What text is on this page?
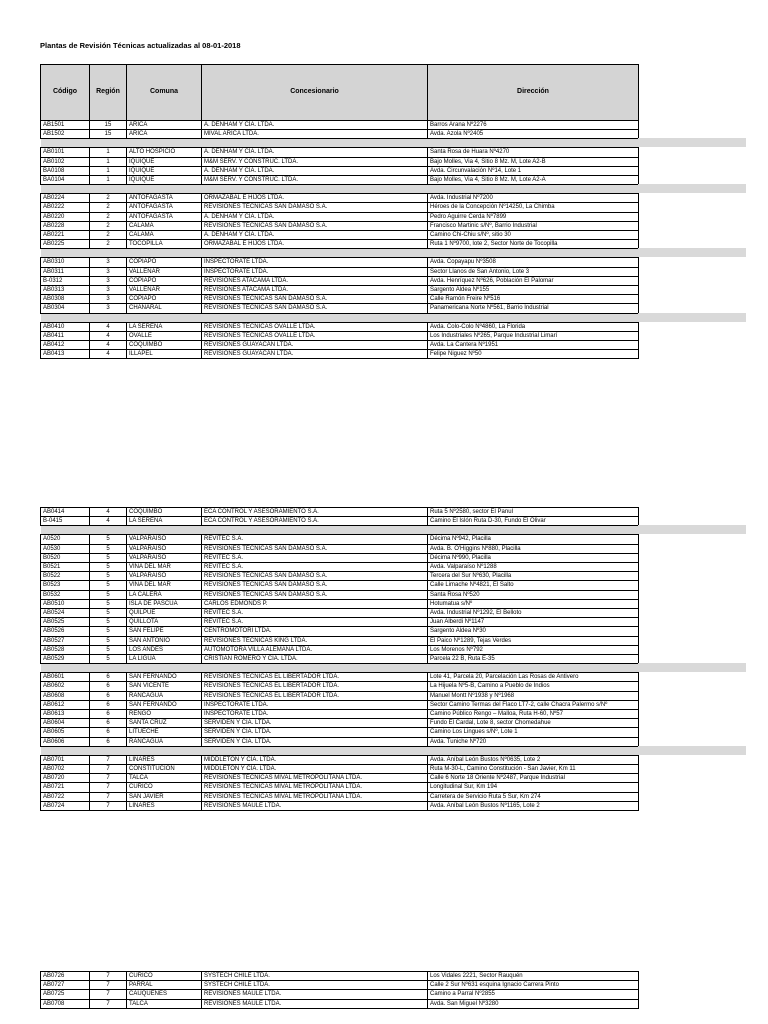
Plantas de Revisión Técnicas actualizadas al 08-01-2018
Código	Región	Comuna	Concesionario	Dirección
AB1501	15	ARICA	A. DENHAM Y CÍA. LTDA.	Barros Arana Nº2276
AB1502	15	ARICA	MIVAL ARICA LTDA.	Avda. Azola Nº2405

AB0101	1	ALTO HOSPICIO	A. DENHAM Y CÍA. LTDA.	Santa Rosa de Huara Nº4270
AB0102	1	IQUIQUE	M&M SERV. Y CONSTRUC. LTDA.	Bajo Molles, Via 4, Sitio 8 Mz. M, Lote A2-B
BA0108	1	IQUIQUE	A. DENHAM Y CÍA. LTDA.	Avda. Circunvalación Nº14, Lote 1
BA0104	1	IQUIQUE	M&M SERV. Y CONSTRUC. LTDA.	Bajo Molles, Via 4, Sitio 8 Mz. M, Lote A2-A

AB0224	2	ANTOFAGASTA	ORMAZABAL E HIJOS LTDA.	Avda. Industrial Nº7200
AB0222	2	ANTOFAGASTA	REVISIONES TÉCNICAS SAN DÁMASO S.A.	Héroes de la Concepción Nº14250, La Chimba
AB0220	2	ANTOFAGASTA	A. DENHAM Y CÍA. LTDA.	Pedro Aguirre Cerda Nº7899
AB0228	2	CALAMA	REVISIONES TÉCNICAS SAN DÁMASO S.A.	Francisco Martinic s/Nº, Barrio Industrial
AB0221	2	CALAMA	A. DENHAM Y CÍA. LTDA.	Camino Chi-Chiu s/Nº, sitio 30
AB0225	2	TOCOPILLA	ORMAZABAL E HIJOS LTDA.	Ruta 1 Nº9700, lote 2, Sector Norte de Tocopilla

AB0310	3	COPIAPO	INSPECTORATE LTDA.	Avda. Copayapu Nº3508
AB0311	3	VALLENAR	INSPECTORATE LTDA.	Sector Llanos de San Antonio, Lote 3
B-0312	3	COPIAPO	REVISIONES ATACAMA LTDA.	Avda. Henríquez Nº626, Población El Palomar
AB0313	3	VALLENAR	REVISIONES ATACAMA LTDA.	Sargento Aldea Nº155
AB0308	3	COPIAPO	REVISIONES TÉCNICAS SAN DÁMASO S.A.	Calle Ramón Freire Nº516
AB0304	3	CHAÑARAL	REVISIONES TÉCNICAS SAN DÁMASO S.A.	Panamericana Norte Nº561, Barrio Industrial

AB0410	4	LA SERENA	REVISIONES TÉCNICAS OVALLE LTDA.	Avda. Colo-Colo Nº4860, La Florida
AB0411	4	OVALLE	REVISIONES TÉCNICAS OVALLE LTDA.	Los Industriales Nº265, Parque Industrial Limarí
AB0412	4	COQUIMBO	REVISIONES GUAYACÁN LTDA.	Avda. La Cantera Nº1951
AB0413	4	ILLAPEL	REVISIONES GUAYACÁN LTDA.	Felipe Ñiguez Nº50
AB0414	4	COQUIMBO	ECA CONTROL Y ASESORAMIENTO S.A.	Ruta 5 Nº2580, sector El Panul
B-0415	4	LA SERENA	ECA CONTROL Y ASESORAMIENTO S.A.	Camino El Islón Ruta D-30, Fundo El Olivar

A0520	5	VALPARAISO	REVITEC S.A.	Décima Nº942, Placilla
A0530	5	VALPARAISO	REVISIONES TÉCNICAS SAN DÁMASO S.A.	Avda. B. O'Higgins Nº880, Placilla
B0520	5	VALPARAISO	REVITEC S.A.	Décima Nº990, Placilla
B0521	5	VIÑA DEL MAR	REVITEC S.A.	Avda. Valparaíso Nº1288
B0522	5	VALPARAISO	REVISIONES TÉCNICAS SAN DÁMASO S.A.	Tercera del Sur Nº630, Placilla
B0523	5	VIÑA DEL MAR	REVISIONES TÉCNICAS SAN DÁMASO S.A.	Calle Limache Nº4821, El Salto
B0532	5	LA CALERA	REVISIONES TÉCNICAS SAN DÁMASO S.A.	Santa Rosa Nº520
AB0510	5	ISLA DE PASCUA	CARLOS EDMONDS P.	Hotumatua s/Nº
AB0524	5	QUILPUE	REVITEC S.A.	Avda. Industrial Nº1292, El Belloto
AB0525	5	QUILLOTA	REVITEC S.A.	Juan Alberdi Nº1147
AB0526	5	SAN FELIPE	CENTROMOTORI LTDA.	Sargento Aldea Nº30
AB0527	5	SAN ANTONIO	REVISIONES TÉCNICAS KING LTDA.	El Paico Nº1289, Tejas Verdes
AB0528	5	LOS ANDES	AUTOMOTORA VILLA ALEMANA LTDA.	Los Morenos Nº792
AB0529	5	LA LIGUA	CRISTIAN ROMERO Y CIA. LTDA.	Parcela 22 B, Ruta E-35

AB0601	6	SAN FERNANDO	REVISIONES TÉCNICAS EL LIBERTADOR LTDA.	Lote 41, Parcela 20, Parcelación Las Rosas de Antivero
AB0602	6	SAN VICENTE	REVISIONES TÉCNICAS EL LIBERTADOR LTDA.	La Hijuela Nº5-B, Camino a Pueblo de Indios
AB0608	6	RANCAGUA	REVISIONES TÉCNICAS EL LIBERTADOR LTDA.	Manuel Montt Nº1938 y Nº1968
AB0612	6	SAN FERNANDO	INSPECTORATE LTDA.	Sector Camino Termas del Flaco LT7-2, calle Chacra Palermo s/Nº
AB0613	6	RENGO	INSPECTORATE LTDA.	Camino Público Rengo – Malloa, Ruta H-60, Nº57
AB0604	6	SANTA CRUZ	SERVIDEN Y CIA. LTDA.	Fundo El Cardal, Lote 8, sector Chomedahue
AB0605	6	LITUECHE	SERVIDEN Y CIA. LTDA.	Camino Los Lingues s/Nº, Lote 1
AB0606	6	RANCAGUA	SERVIDEN Y CIA. LTDA.	Avda. Tuniche Nº720

AB0701	7	LINARES	MIDDLETON Y CÍA. LTDA.	Avda. Aníbal León Bustos Nº0635, Lote 2
AB0702	7	CONSTITUCIÓN	MIDDLETON Y CÍA. LTDA.	Ruta M-30-L, Camino Constitución - San Javier, Km 11
AB0720	7	TALCA	REVISIONES TÉCNICAS MIVAL METROPOLITANA LTDA.	Calle 6 Norte 18 Oriente Nº2487, Parque Industrial
AB0721	7	CURICÓ	REVISIONES TÉCNICAS MIVAL METROPOLITANA LTDA.	Longitudinal Sur, Km 194
AB0722	7	SAN JAVIER	REVISIONES TÉCNICAS MIVAL METROPOLITANA LTDA.	Carretera de Servicio Ruta 5 Sur, Km 274
AB0724	7	LINARES	REVISIONES MAULE LTDA.	Avda. Aníbal León Bustos Nº1165, Lote 2
AB0726	7	CURICÓ	SYSTECH CHILE LTDA.	Los Vidales 2221, Sector Rauquén
AB0727	7	PARRAL	SYSTECH CHILE LTDA.	Calle 2 Sur Nº631 esquina Ignacio Carrera Pinto
AB0725	7	CAUQUENES	REVISIONES MAULE LTDA.	Camino a Parral Nº2855
AB0708	7	TALCA	REVISIONES MAULE LTDA.	Avda. San Miguel Nº3280
